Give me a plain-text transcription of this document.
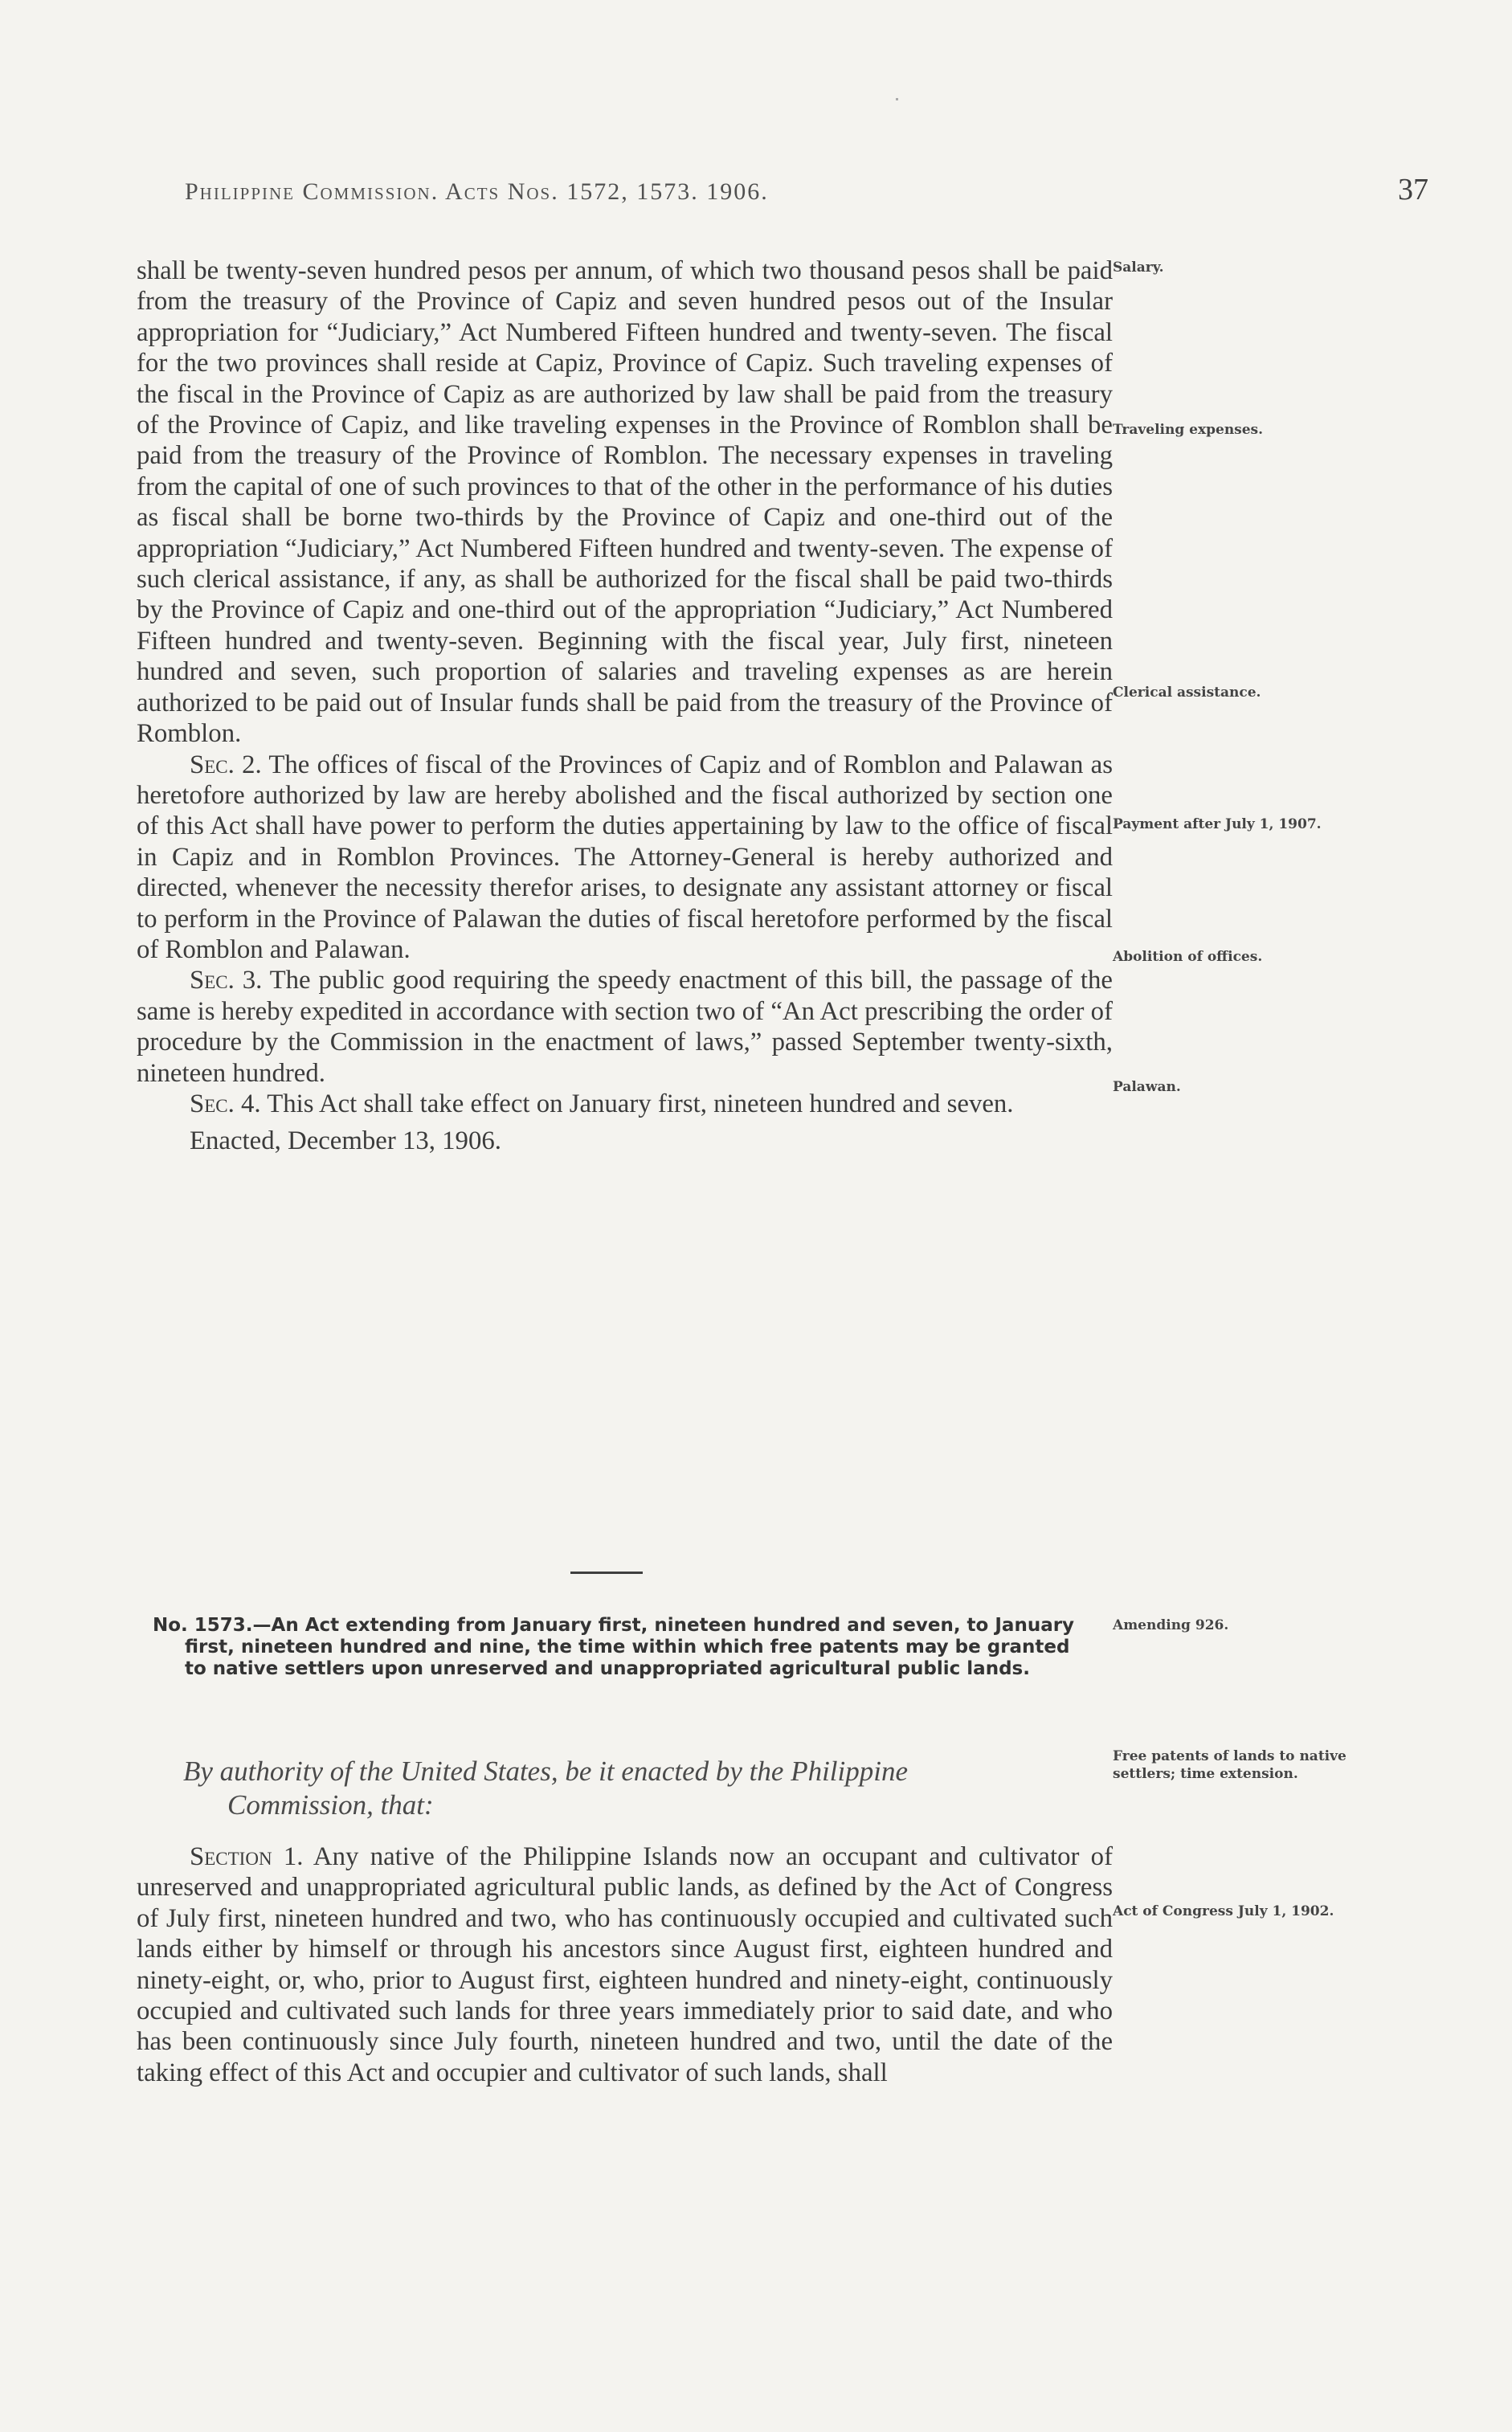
Philippine Commission. Acts Nos. 1572, 1573. 1906.	37

shall be twenty-seven hundred pesos per annum, of which two thousand pesos shall be paid from the treasury of the Province of Capiz and seven hundred pesos out of the Insular appropriation for “Judiciary,” Act Numbered Fifteen hundred and twenty-seven. The fiscal for the two provinces shall reside at Capiz, Province of Capiz. Such traveling expenses of the fiscal in the Province of Capiz as are authorized by law shall be paid from the treasury of the Province of Capiz, and like traveling expenses in the Province of Romblon shall be paid from the treasury of the Province of Romblon. The necessary expenses in traveling from the capital of one of such provinces to that of the other in the performance of his duties as fiscal shall be borne two-thirds by the Province of Capiz and one-third out of the appropriation “Judiciary,” Act Numbered Fifteen hundred and twenty-seven. The expense of such clerical assistance, if any, as shall be authorized for the fiscal shall be paid two-thirds by the Province of Capiz and one-third out of the appropriation “Judiciary,” Act Numbered Fifteen hundred and twenty-seven. Beginning with the fiscal year, July first, nineteen hundred and seven, such proportion of salaries and traveling expenses as are herein authorized to be paid out of Insular funds shall be paid from the treasury of the Province of Romblon.

Sec. 2. The offices of fiscal of the Provinces of Capiz and of Romblon and Palawan as heretofore authorized by law are hereby abolished and the fiscal authorized by section one of this Act shall have power to perform the duties appertaining by law to the office of fiscal in Capiz and in Romblon Provinces. The Attorney-General is hereby authorized and directed, whenever the necessity therefor arises, to designate any assistant attorney or fiscal to perform in the Province of Palawan the duties of fiscal heretofore performed by the fiscal of Romblon and Palawan.

Sec. 3. The public good requiring the speedy enactment of this bill, the passage of the same is hereby expedited in accordance with section two of “An Act prescribing the order of procedure by the Commission in the enactment of laws,” passed September twenty-sixth, nineteen hundred.

Sec. 4. This Act shall take effect on January first, nineteen hundred and seven.

Enacted, December 13, 1906.

Salary.
Traveling expenses.
Clerical assistance.
Payment after July 1, 1907.
Abolition of offices.
Palawan.
Amending 926.
Free patents of lands to native settlers; time extension.
Act of Congress July 1, 1902.

No. 1573.—An Act extending from January first, nineteen hundred and seven, to January first, nineteen hundred and nine, the time within which free patents may be granted to native settlers upon unreserved and unappropriated agricultural public lands.

By authority of the United States, be it enacted by the Philippine
Commission, that:

Section 1. Any native of the Philippine Islands now an occupant and cultivator of unreserved and unappropriated agricultural public lands, as defined by the Act of Congress of July first, nineteen hundred and two, who has continuously occupied and cultivated such lands either by himself or through his ancestors since August first, eighteen hundred and ninety-eight, or, who, prior to August first, eighteen hundred and ninety-eight, continuously occupied and cultivated such lands for three years immediately prior to said date, and who has been continuously since July fourth, nineteen hundred and two, until the date of the taking effect of this Act and occupier and cultivator of such lands, shall
